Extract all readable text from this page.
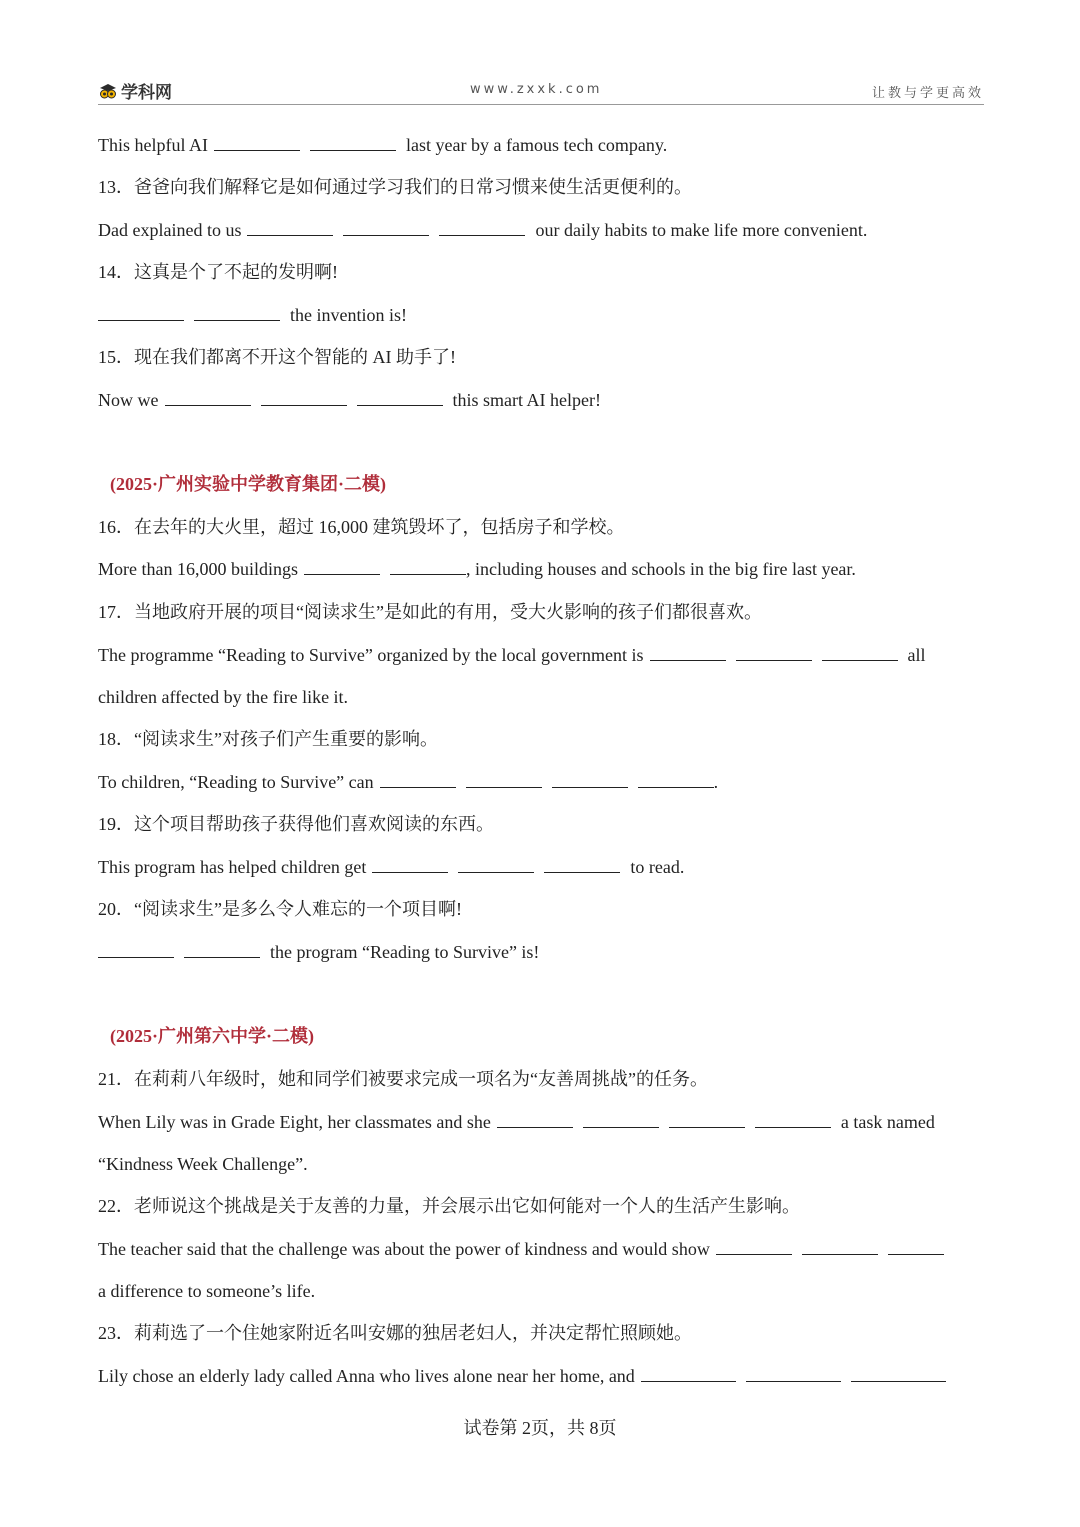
学科网	www.zxxk.com	让教与学更高效
This helpful AI	last year by a famous tech company.
13．爸爸向我们解释它是如何通过学习我们的日常习惯来使生活更便利的。
Dad explained to us	our daily habits to make life more convenient.
14．这真是个了不起的发明啊!
the invention is!
15．现在我们都离不开这个智能的 AI 助手了!
Now we	this smart AI helper!
(2025·广州实验中学教育集团·二模)
16．在去年的大火里，超过 16,000 建筑毁坏了，包括房子和学校。
More than 16,000 buildings	, including houses and schools in the big fire last year.
17．当地政府开展的项目“阅读求生”是如此的有用，受大火影响的孩子们都很喜欢。
The programme “Reading to Survive” organized by the local government is	all
children affected by the fire like it.
18．“阅读求生”对孩子们产生重要的影响。
To children, “Reading to Survive” can	.
19．这个项目帮助孩子获得他们喜欢阅读的东西。
This program has helped children get	to read.
20．“阅读求生”是多么令人难忘的一个项目啊!
the program “Reading to Survive” is!
(2025·广州第六中学·二模)
21．在莉莉八年级时，她和同学们被要求完成一项名为“友善周挑战”的任务。
When Lily was in Grade Eight, her classmates and she	a task named
“Kindness Week Challenge”.
22．老师说这个挑战是关于友善的力量，并会展示出它如何能对一个人的生活产生影响。
The teacher said that the challenge was about the power of kindness and would show
a difference to someone’s life.
23．莉莉选了一个住她家附近名叫安娜的独居老妇人，并决定帮忙照顾她。
Lily chose an elderly lady called Anna who lives alone near her home, and
试卷第 2页，共 8页
